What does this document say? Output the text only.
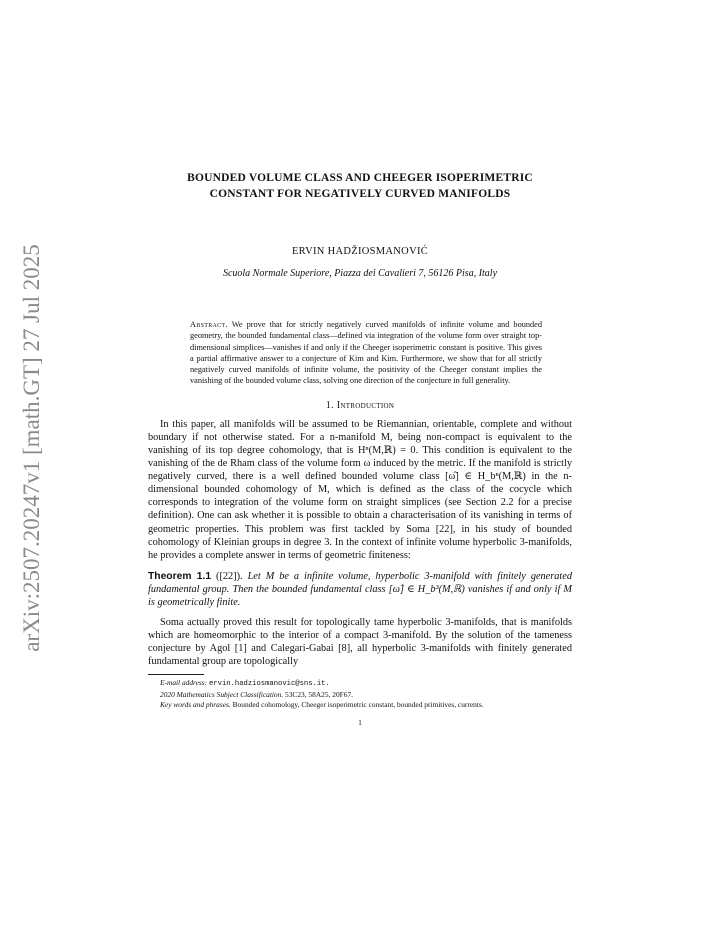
arXiv:2507.20247v1 [math.GT] 27 Jul 2025

BOUNDED VOLUME CLASS AND CHEEGER ISOPERIMETRIC

CONSTANT FOR NEGATIVELY CURVED MANIFOLDS

ERVIN HADŽIOSMANOVIĆ
Scuola Normale Superiore, Piazza dei Cavalieri 7, 56126 Pisa, Italy
Abstract. We prove that for strictly negatively curved manifolds of infinite volume and bounded geometry, the bounded fundamental class—defined via integration of the volume form over straight top-dimensional simplices—vanishes if and only if the Cheeger isoperimetric constant is positive. This gives a partial affirmative answer to a conjecture of Kim and Kim. Furthermore, we show that for all strictly negatively curved manifolds of infinite volume, the positivity of the Cheeger constant implies the vanishing of the bounded volume class, solving one direction of the conjecture in full generality.
1. Introduction

In this paper, all manifolds will be assumed to be Riemannian, orientable, complete and without boundary if not otherwise stated. For a n-manifold M, being non-compact is equivalent to the vanishing of its top degree cohomology, that is Hⁿ(M,ℝ) = 0. This condition is equivalent to the vanishing of the de Rham class of the volume form ω induced by the metric. If the manifold is strictly negatively curved, there is a well defined bounded volume class [ω̂] ∈ H_bⁿ(M,ℝ) in the n-dimensional bounded cohomology of M, which is defined as the class of the cocycle which corresponds to integration of the volume form on straight simplices (see Section 2.2 for a precise definition). One can ask whether it is possible to obtain a characterisation of its vanishing in terms of geometric properties. This problem was first tackled by Soma [22], in his study of bounded cohomology of Kleinian groups in degree 3. In the context of infinite volume hyperbolic 3-manifolds, he provides a complete answer in terms of geometric finiteness:

Theorem 1.1 ([22]). Let M be a infinite volume, hyperbolic 3-manifold with finitely generated fundamental group. Then the bounded fundamental class [ω̂] ∈ H_b³(M,ℝ) vanishes if and only if M is geometrically finite.

Soma actually proved this result for topologically tame hyperbolic 3-manifolds, that is manifolds which are homeomorphic to the interior of a compact 3-manifold. By the solution of the tameness conjecture by Agol [1] and Calegari-Gabai [8], all hyperbolic 3-manifolds with finitely generated fundamental group are topologically

E-mail address: ervin.hadziosmanovic@sns.it.
2020 Mathematics Subject Classification. 53C23, 58A25, 20F67.
Key words and phrases. Bounded cohomology, Cheeger isoperimetric constant, bounded primitives, currents.
1
